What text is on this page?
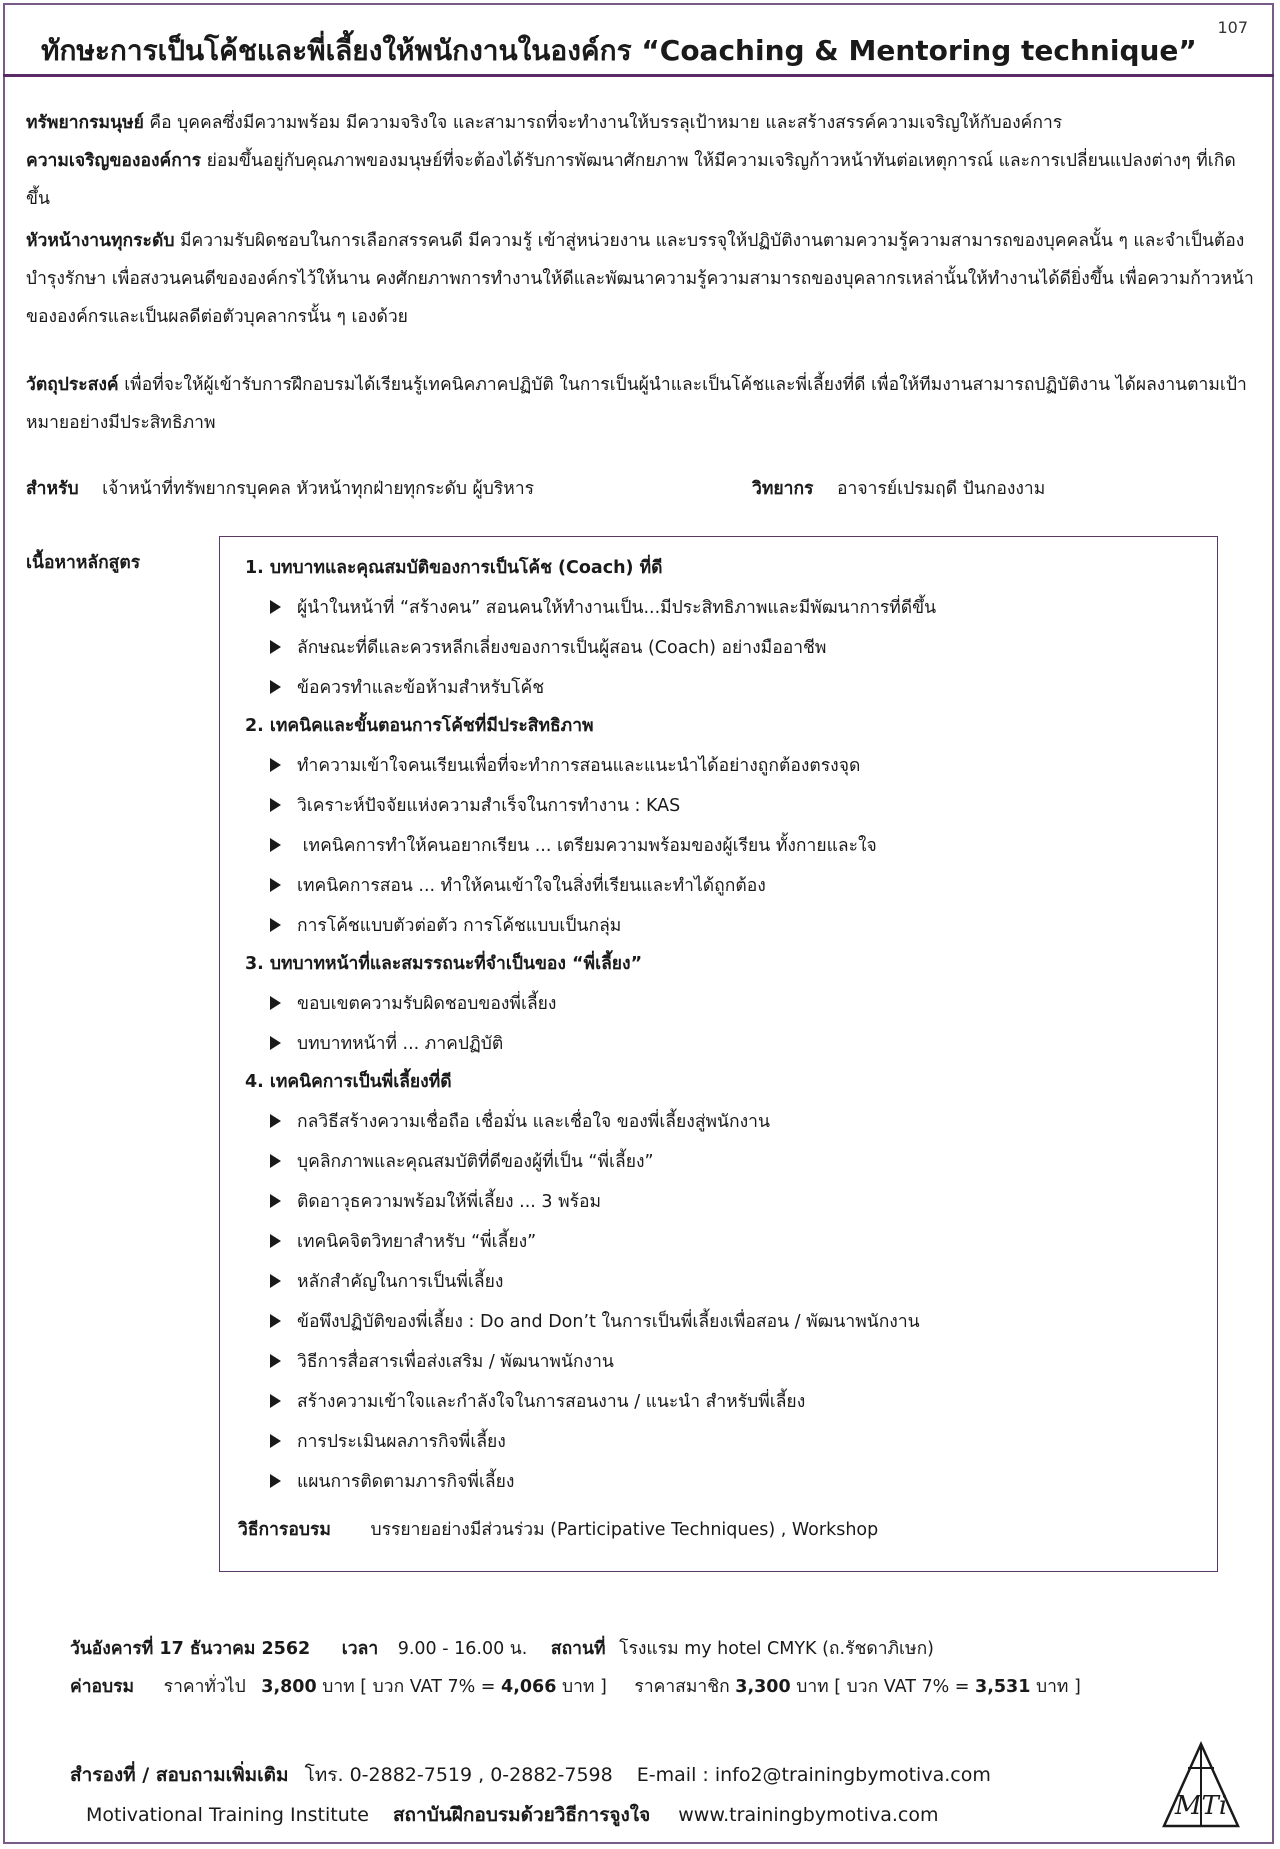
ทักษะการเป็นโค้ชและพี่เลี้ยงให้พนักงานในองค์กร “Coaching & Mentoring technique”
107
ทรัพยากรมนุษย์ คือ บุคคลซึ่งมีความพร้อม มีความจริงใจ และสามารถที่จะทำงานให้บรรลุเป้าหมาย และสร้างสรรค์ความเจริญให้กับองค์การ
ความเจริญขององค์การ ย่อมขึ้นอยู่กับคุณภาพของมนุษย์ที่จะต้องได้รับการพัฒนาศักยภาพ ให้มีความเจริญก้าวหน้าทันต่อเหตุการณ์ และการเปลี่ยนแปลงต่างๆ ที่เกิดขึ้น
หัวหน้างานทุกระดับ มีความรับผิดชอบในการเลือกสรรคนดี มีความรู้ เข้าสู่หน่วยงาน และบรรจุให้ปฏิบัติงานตามความรู้ความสามารถของบุคคลนั้น ๆ และจำเป็นต้องบำรุงรักษา เพื่อสงวนคนดีขององค์กรไว้ให้นาน คงศักยภาพการทำงานให้ดีและพัฒนาความรู้ความสามารถของบุคลากรเหล่านั้นให้ทำงานได้ดียิ่งขึ้น เพื่อความก้าวหน้าขององค์กรและเป็นผลดีต่อตัวบุคลากรนั้น ๆ เองด้วย
วัตถุประสงค์ เพื่อที่จะให้ผู้เข้ารับการฝึกอบรมได้เรียนรู้เทคนิคภาคปฏิบัติ ในการเป็นผู้นำและเป็นโค้ชและพี่เลี้ยงที่ดี เพื่อให้ทีมงานสามารถปฏิบัติงาน ได้ผลงานตามเป้าหมายอย่างมีประสิทธิภาพ
สำหรับ เจ้าหน้าที่ทรัพยากรบุคคล หัวหน้าทุกฝ่ายทุกระดับ ผู้บริหาร	วิทยากร อาจารย์เปรมฤดี ปันกองงาม
เนื้อหาหลักสูตร	1. บทบาทและคุณสมบัติของการเป็นโค้ช (Coach) ที่ดี
ผู้นำในหน้าที่ “สร้างคน” สอนคนให้ทำงานเป็น...มีประสิทธิภาพและมีพัฒนาการที่ดีขึ้น
ลักษณะที่ดีและควรหลีกเลี่ยงของการเป็นผู้สอน (Coach) อย่างมืออาชีพ
ข้อควรทำและข้อห้ามสำหรับโค้ช
2. เทคนิคและขั้นตอนการโค้ชที่มีประสิทธิภาพ
ทำความเข้าใจคนเรียนเพื่อที่จะทำการสอนและแนะนำได้อย่างถูกต้องตรงจุด
วิเคราะห์ปัจจัยแห่งความสำเร็จในการทำงาน : KAS
เทคนิคการทำให้คนอยากเรียน ... เตรียมความพร้อมของผู้เรียน ทั้งกายและใจ
เทคนิคการสอน ... ทำให้คนเข้าใจในสิ่งที่เรียนและทำได้ถูกต้อง
การโค้ชแบบตัวต่อตัว การโค้ชแบบเป็นกลุ่ม
3. บทบาทหน้าที่และสมรรถนะที่จำเป็นของ “พี่เลี้ยง”
ขอบเขตความรับผิดชอบของพี่เลี้ยง
บทบาทหน้าที่ ... ภาคปฏิบัติ
4. เทคนิคการเป็นพี่เลี้ยงที่ดี
กลวิธีสร้างความเชื่อถือ เชื่อมั่น และเชื่อใจ ของพี่เลี้ยงสู่พนักงาน
บุคลิกภาพและคุณสมบัติที่ดีของผู้ที่เป็น “พี่เลี้ยง”
ติดอาวุธความพร้อมให้พี่เลี้ยง ... 3 พร้อม
เทคนิคจิตวิทยาสำหรับ “พี่เลี้ยง”
หลักสำคัญในการเป็นพี่เลี้ยง
ข้อพึงปฏิบัติของพี่เลี้ยง : Do and Don’t ในการเป็นพี่เลี้ยงเพื่อสอน / พัฒนาพนักงาน
วิธีการสื่อสารเพื่อส่งเสริม / พัฒนาพนักงาน
สร้างความเข้าใจและกำลังใจในการสอนงาน / แนะนำ สำหรับพี่เลี้ยง
การประเมินผลภารกิจพี่เลี้ยง
แผนการติดตามภารกิจพี่เลี้ยง
วิธีการอบรม บรรยายอย่างมีส่วนร่วม (Participative Techniques) , Workshop
วันอังคารที่ 17 ธันวาคม 2562 เวลา 9.00 - 16.00 น. สถานที่ โรงแรม my hotel CMYK (ถ.รัชดาภิเษก)
ค่าอบรม ราคาทั่วไป 3,800 บาท [ บวก VAT 7% = 4,066 บาท ] ราคาสมาชิก 3,300 บาท [ บวก VAT 7% = 3,531 บาท ]
สำรองที่ / สอบถามเพิ่มเติม โทร. 0-2882-7519 , 0-2882-7598 E-mail : info2@trainingbymotiva.com
Motivational Training Institute สถาบันฝึกอบรมด้วยวิธีการจูงใจ www.trainingbymotiva.com	MTi
